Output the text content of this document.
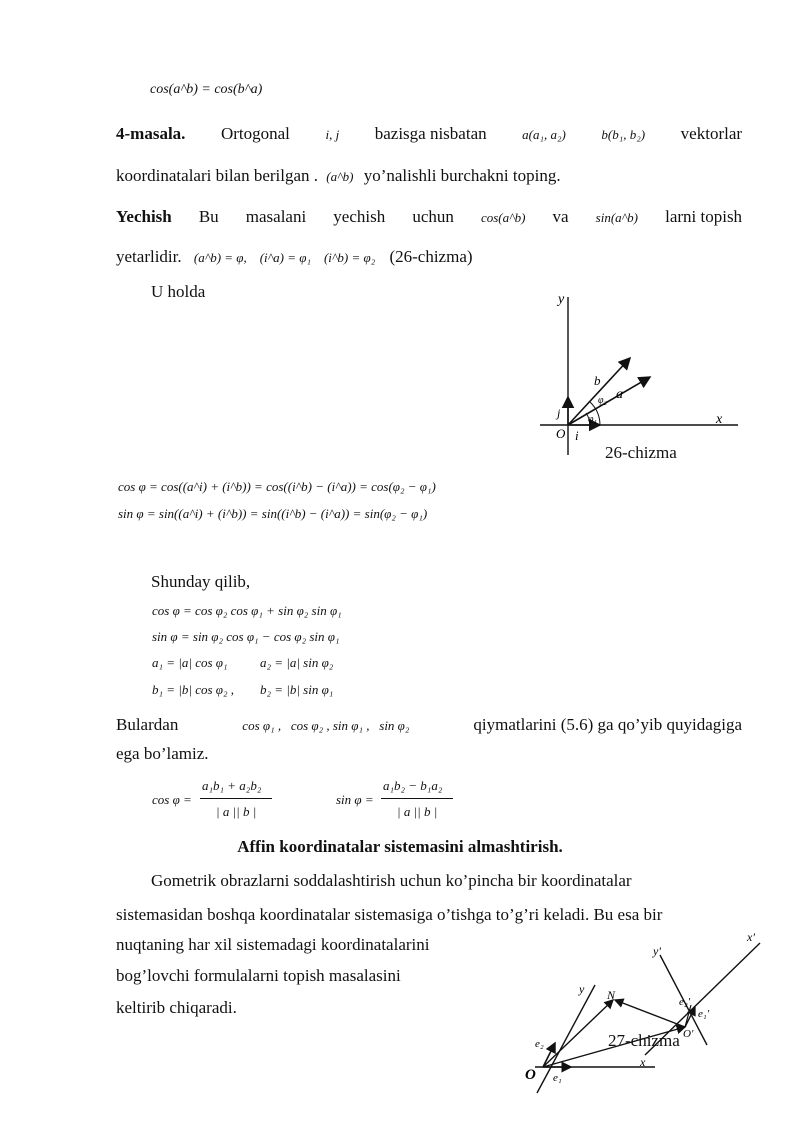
cos(a^b) = cos(b^a)
4-masala. Ortogonal	i, j bazisga nisbatan	a(a₁, a₂)	b(b₁, b₂) vektorlar
koordinatalari bilan berilgan . (a^b) yo’nalishli burchakni toping.
Yechish Bu masalani yechish uchun cos(a^b) va sin(a^b) larni topish
yetarlidir. (a^b) = φ,    (i^a) = φ₁    (i^b) = φ₂ (26-chizma)
U holda	y
x
O i
j
b
a
φ₂
φ₁
26-chizma
cos φ = cos((a^i) + (i^b)) = cos((i^b) − (i^a)) = cos(φ₂ − φ₁)
sin φ = sin((a^i) + (i^b)) = sin((i^b) − (i^a)) = sin(φ₂ − φ₁)
Shunday qilib,
cos φ = cos φ₂ cos φ₁ + sin φ₂ sin φ₁
sin φ = sin φ₂ cos φ₁ − cos φ₂ sin φ₁
a₁ = |a| cos φ₁          a₂ = |a| sin φ₂
b₁ = |b| cos φ₂ ,        b₂ = |b| sin φ₁
Bulardan	cos φ₁ ,   cos φ₂ , sin φ₁ ,   sin φ₂	qiymatlarini (5.6) ga qo’yib quyidagiga
ega bo’lamiz.
cos φ =
a₁b₁ + a₂b₂
| a || b |
sin φ =
a₁b₂ − b₁a₂
| a || b |
Affin koordinatalar sistemasini almashtirish.
Gometrik obrazlarni soddalashtirish uchun ko’pincha bir koordinatalar
sistemasidan boshqa koordinatalar sistemasiga o’tishga to’g’ri keladi. Bu esa bir
nuqtaning har xil sistemadagi koordinatalarini
bog’lovchi formulalarni topish masalasini
keltirib chiqaradi.
O
x
y
x'
y'
N
e₁
e₂
e₁'
e₂'
O'
27-chizma
